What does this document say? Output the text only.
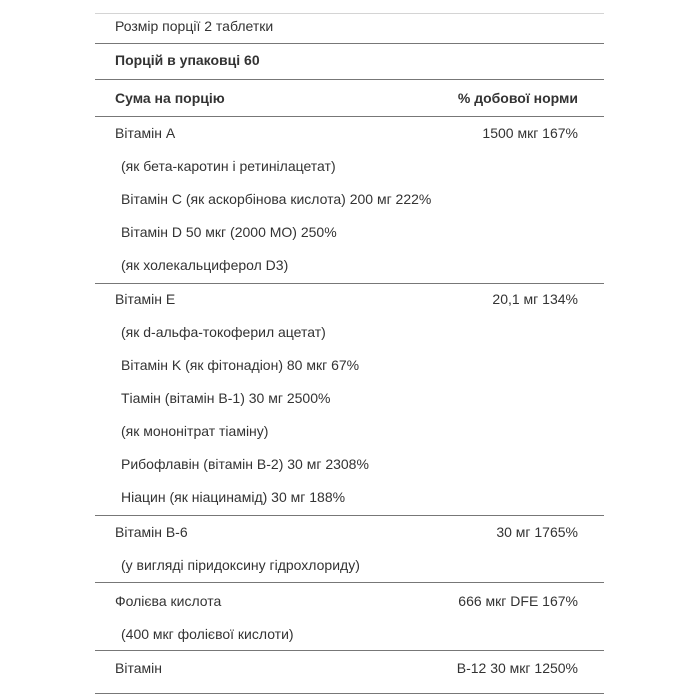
Розмір порції 2 таблетки
Порцій в упаковці 60
Сума на порцію	% добової норми
Вітамін A	1500 мкг 167%
(як бета-каротин і ретинілацетат)
Вітамін C (як аскорбінова кислота) 200 мг 222%
Вітамін D 50 мкг (2000 МО) 250%
(як холекальциферол D3)
Вітамін E	20,1 мг 134%
(як d-альфа-токоферил ацетат)
Вітамін K (як фітонадіон) 80 мкг 67%
Тіамін (вітамін B-1) 30 мг 2500%
(як мононітрат тіаміну)
Рибофлавін (вітамін B-2) 30 мг 2308%
Ніацин (як ніацинамід) 30 мг 188%
Вітамін B-6	30 мг 1765%
(у вигляді піридоксину гідрохлориду)
Фолієва кислота	666 мкг DFE 167%
(400 мкг фолієвої кислоти)
Вітамін	B-12 30 мкг 1250%
